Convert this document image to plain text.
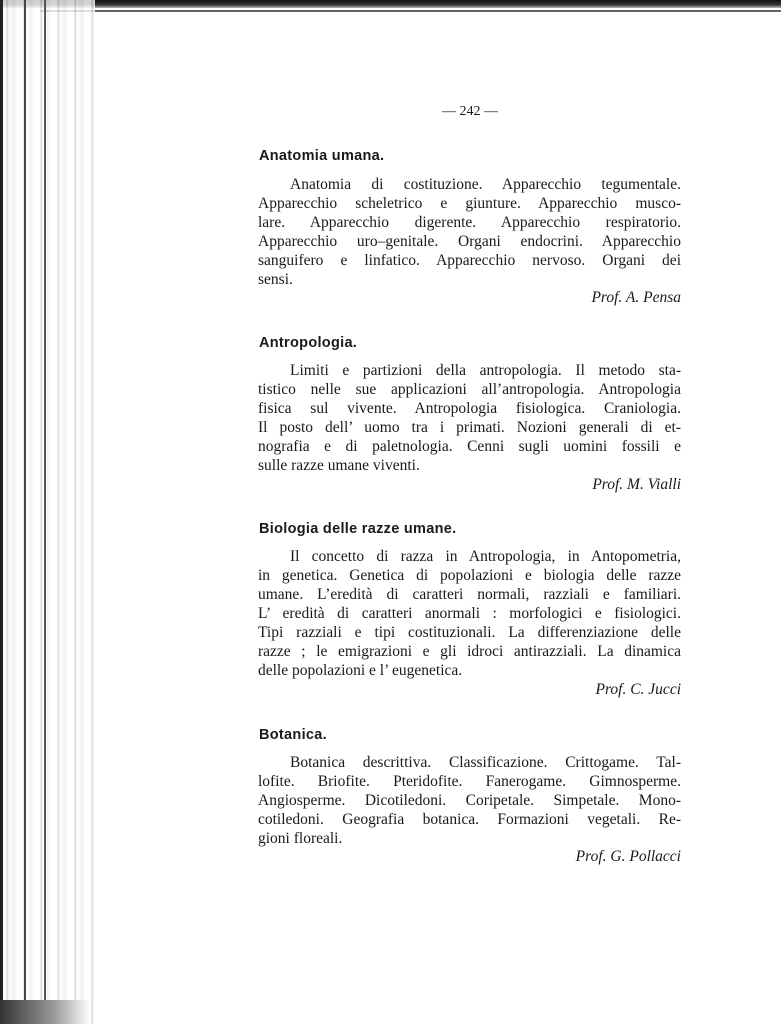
— 242 —
Anatomia umana.
Anatomia di costituzione. Apparecchio tegumentale.
Apparecchio scheletrico e giunture. Apparecchio musco-
lare. Apparecchio digerente. Apparecchio respiratorio.
Apparecchio uro–genitale. Organi endocrini. Apparecchio
sanguifero e linfatico. Apparecchio nervoso. Organi dei
sensi.
Prof. A. Pensa
Antropologia.
Limiti e partizioni della antropologia. Il metodo sta-
tistico nelle sue applicazioni all’antropologia. Antropologia
fisica sul vivente. Antropologia fisiologica. Craniologia.
Il posto dell’ uomo tra i primati. Nozioni generali di et-
nografia e di paletnologia. Cenni sugli uomini fossili e
sulle razze umane viventi.
Prof. M. Vialli
Biologia delle razze umane.
Il concetto di razza in Antropologia, in Antopometria,
in genetica. Genetica di popolazioni e biologia delle razze
umane. L’eredità di caratteri normali, razziali e familiari.
L’ eredità di caratteri anormali : morfologici e fisiologici.
Tipi razziali e tipi costituzionali. La differenziazione delle
razze ; le emigrazioni e gli idroci antirazziali. La dinamica
delle popolazioni e l’ eugenetica.
Prof. C. Jucci
Botanica.
Botanica descrittiva. Classificazione. Crittogame. Tal-
lofite. Briofite. Pteridofite. Fanerogame. Gimnosperme.
Angiosperme. Dicotiledoni. Coripetale. Simpetale. Mono-
cotiledoni. Geografia botanica. Formazioni vegetali. Re-
gioni floreali.
Prof. G. Pollacci
